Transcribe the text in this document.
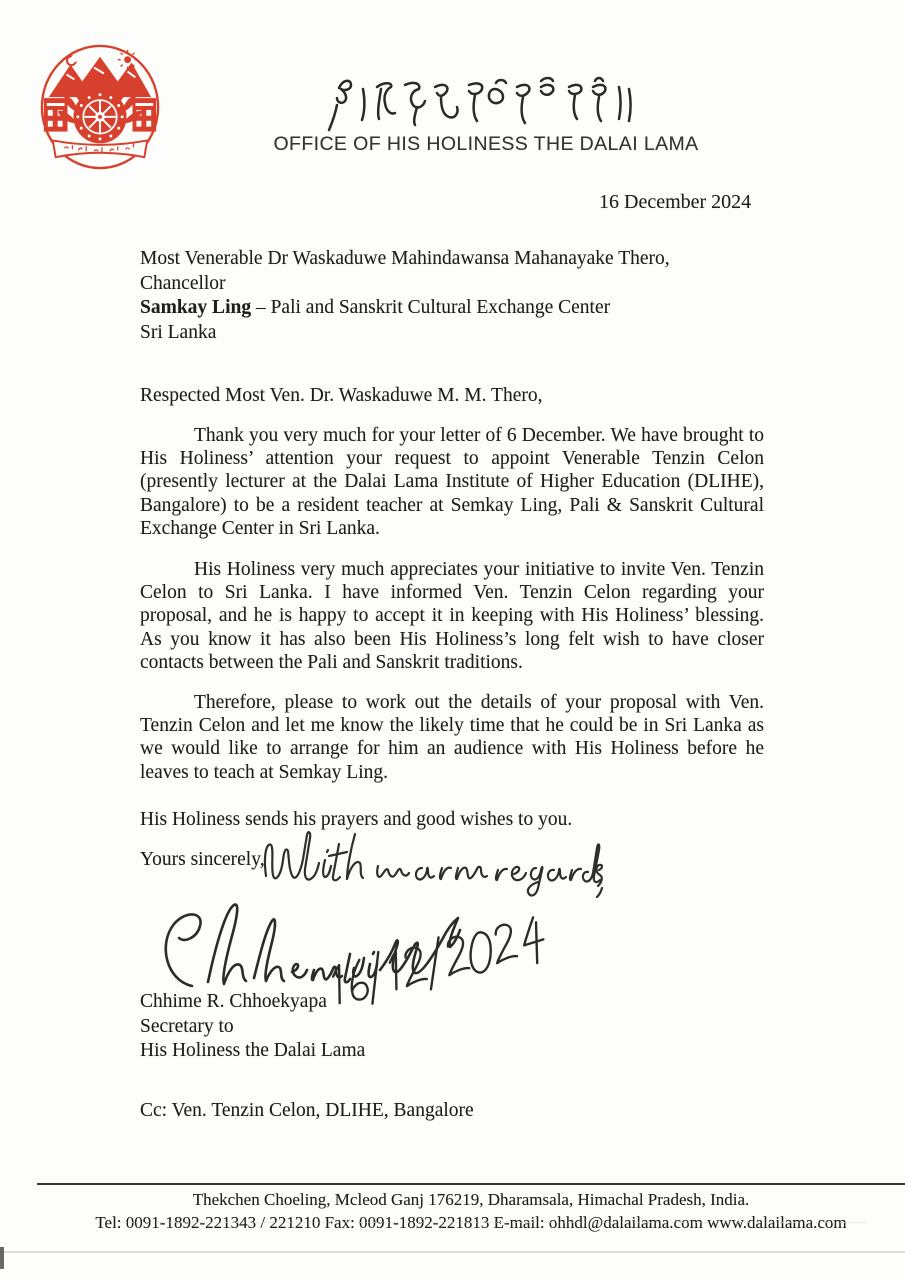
OFFICE OF HIS HOLINESS THE DALAI LAMA
16 December 2024
Most Venerable Dr Waskaduwe Mahindawansa Mahanayake Thero,
Chancellor
Samkay Ling – Pali and Sanskrit Cultural Exchange Center
Sri Lanka
Respected Most Ven. Dr. Waskaduwe M. M. Thero,
Thank you very much for your letter of 6 December. We have brought to His Holiness’ attention your request to appoint Venerable Tenzin Celon (presently lecturer at the Dalai Lama Institute of Higher Education (DLIHE), Bangalore) to be a resident teacher at Semkay Ling, Pali & Sanskrit Cultural Exchange Center in Sri Lanka.
His Holiness very much appreciates your initiative to invite Ven. Tenzin Celon to Sri Lanka. I have informed Ven. Tenzin Celon regarding your proposal, and he is happy to accept it in keeping with His Holiness’ blessing. As you know it has also been His Holiness’s long felt wish to have closer contacts between the Pali and Sanskrit traditions.
Therefore, please to work out the details of your proposal with Ven. Tenzin Celon and let me know the likely time that he could be in Sri Lanka as we would like to arrange for him an audience with His Holiness before he leaves to teach at Semkay Ling.
His Holiness sends his prayers and good wishes to you.
Yours sincerely,
Chhime R. Chhoekyapa
Secretary to
His Holiness the Dalai Lama
Cc: Ven. Tenzin Celon, DLIHE, Bangalore
Thekchen Choeling, Mcleod Ganj 176219, Dharamsala, Himachal Pradesh, India.
Tel: 0091-1892-221343 / 221210 Fax: 0091-1892-221813 E-mail: ohhdl@dalailama.com www.dalailama.com
